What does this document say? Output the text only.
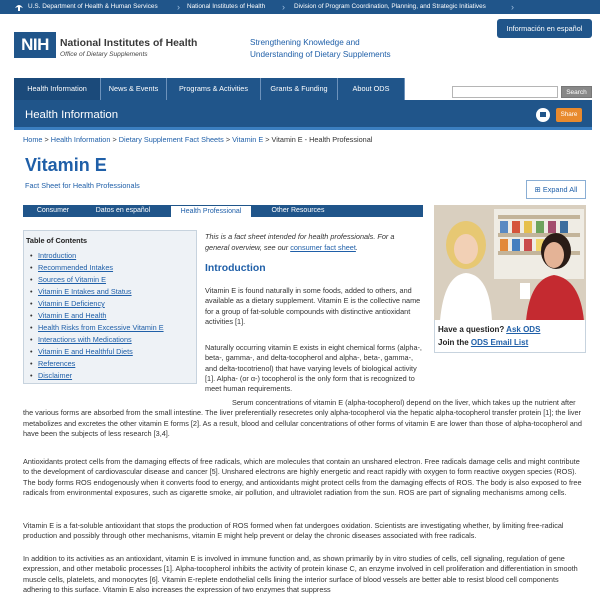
U.S. Department of Health & Human Services › National Institutes of Health › Division of Program Coordination, Planning, and Strategic Initiatives	›
NIH	National Institutes of Health
Office of Dietary Supplements
Strengthening Knowledge and
Understanding of Dietary Supplements
Información en español
Health Information	News & Events	Programs & Activities	Grants & Funding	About ODS	Search
Health Information	Share
Home > Health Information > Dietary Supplement Fact Sheets > Vitamin E > Vitamin E - Health Professional
Vitamin E
Fact Sheet for Health Professionals	⊞ Expand All
Consumer	Datos en español	Health Professional	Other Resources
Table of Contents
• Introduction
• Recommended Intakes
• Sources of Vitamin E
• Vitamin E Intakes and Status
• Vitamin E Deficiency
• Vitamin E and Health
• Health Risks from Excessive Vitamin E
• Interactions with Medications
• Vitamin E and Healthful Diets
• References
• Disclaimer
This is a fact sheet intended for health professionals. For a general overview, see our consumer fact sheet.
Introduction

Vitamin E is found naturally in some foods, added to others, and available as a dietary supplement. Vitamin E is the collective name for a group of fat-soluble compounds with distinctive antioxidant activities [1].

Naturally occurring vitamin E exists in eight chemical forms (alpha-, beta-, gamma-, and delta-tocopherol and alpha-, beta-, gamma-, and delta-tocotrienol) that have varying levels of biological activity [1]. Alpha- (or α-) tocopherol is the only form that is recognized to meet human requirements.

Serum concentrations of vitamin E (alpha-tocopherol) depend on the liver, which takes up the nutrient after the various forms are absorbed from the small intestine. The liver preferentially resecretes only alpha-tocopherol via the hepatic alpha-tocopherol transfer protein [1]; the liver metabolizes and excretes the other vitamin E forms [2]. As a result, blood and cellular concentrations of other forms of vitamin E are lower than those of alpha-tocopherol and have been the subjects of less research [3,4].

Antioxidants protect cells from the damaging effects of free radicals, which are molecules that contain an unshared electron. Free radicals damage cells and might contribute to the development of cardiovascular disease and cancer [5]. Unshared electrons are highly energetic and react rapidly with oxygen to form reactive oxygen species (ROS). The body forms ROS endogenously when it converts food to energy, and antioxidants might protect cells from the damaging effects of ROS. The body is also exposed to free radicals from environmental exposures, such as cigarette smoke, air pollution, and ultraviolet radiation from the sun. ROS are part of signaling mechanisms among cells.

Vitamin E is a fat-soluble antioxidant that stops the production of ROS formed when fat undergoes oxidation. Scientists are investigating whether, by limiting free-radical production and possibly through other mechanisms, vitamin E might help prevent or delay the chronic diseases associated with free radicals.

In addition to its activities as an antioxidant, vitamin E is involved in immune function and, as shown primarily by in vitro studies of cells, cell signaling, regulation of gene expression, and other metabolic processes [1]. Alpha-tocopherol inhibits the activity of protein kinase C, an enzyme involved in cell proliferation and differentiation in smooth muscle cells, platelets, and monocytes [6]. Vitamin E-replete endothelial cells lining the interior surface of blood vessels are better able to resist blood cell components adhering to this surface. Vitamin E also increases the expression of two enzymes that suppress

Have a question? Ask ODS
Join the ODS Email List
